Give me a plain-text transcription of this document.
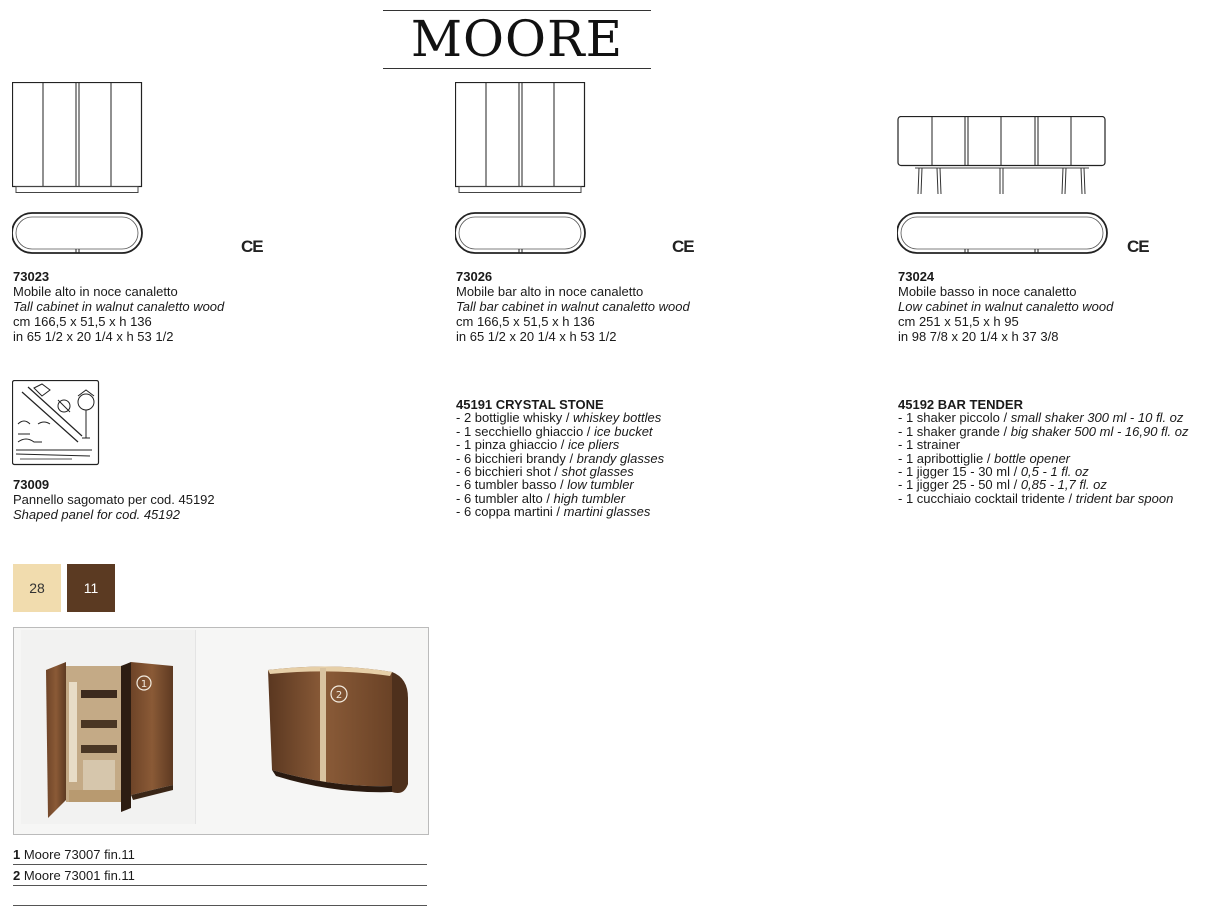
MOORE
CE
73023
Mobile alto in noce canaletto
Tall cabinet in walnut canaletto wood
cm 166,5 x 51,5 x h 136
in 65 1/2 x 20 1/4 x h 53 1/2
CE
73026
Mobile bar alto in noce canaletto
Tall bar cabinet in walnut canaletto wood
cm 166,5 x 51,5 x h 136
in 65 1/2 x 20 1/4 x h 53 1/2
CE
73024
Mobile basso in noce canaletto
Low cabinet in walnut canaletto wood
cm 251 x 51,5 x h 95
in 98 7/8 x 20 1/4 x h 37 3/8
73009
Pannello sagomato per cod. 45192
Shaped panel for cod. 45192
45191 CRYSTAL STONE
- 2 bottiglie whisky / whiskey bottles
- 1 secchiello ghiaccio / ice bucket
- 1 pinza ghiaccio / ice pliers
- 6 bicchieri brandy / brandy glasses
- 6 bicchieri shot / shot glasses
- 6 tumbler basso / low tumbler
- 6 tumbler alto / high tumbler
- 6 coppa martini / martini glasses
45192 BAR TENDER
- 1 shaker piccolo / small shaker 300 ml - 10 fl. oz
- 1 shaker grande / big shaker 500 ml - 16,90 fl. oz
- 1 strainer
- 1 apribottiglie / bottle opener
- 1 jigger 15 - 30 ml / 0,5 - 1 fl. oz
- 1 jigger 25 - 50 ml / 0,85 - 1,7 fl. oz
- 1 cucchiaio cocktail tridente / trident bar spoon
28	11
1
2
1 Moore 73007 fin.11
2 Moore 73001 fin.11
